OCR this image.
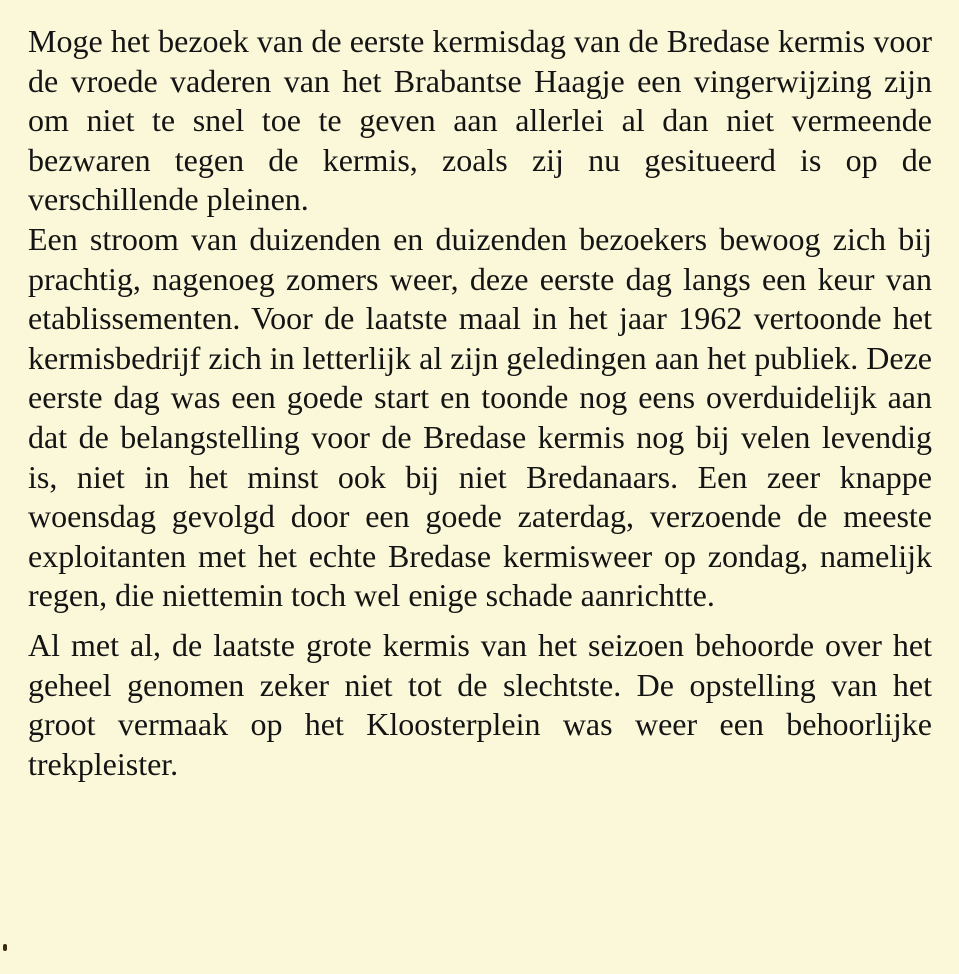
Moge het bezoek van de eerste kermisdag van de Bredase kermis voor de vroede vaderen van het Brabantse Haagje een vingerwijzing zijn om niet te snel toe te geven aan allerlei al dan niet vermeende bezwaren tegen de kermis, zoals zij nu gesitueerd is op de verschillende pleinen.

Een stroom van duizenden en duizenden bezoekers bewoog zich bij prachtig, nagenoeg zomers weer, deze eerste dag langs een keur van etablissementen. Voor de laatste maal in het jaar 1962 vertoonde het kermisbedrijf zich in letterlijk al zijn geledingen aan het publiek. Deze eerste dag was een goede start en toonde nog eens overduidelijk aan dat de belangstelling voor de Bredase kermis nog bij velen levendig is, niet in het minst ook bij niet Bredanaars. Een zeer knappe woensdag gevolgd door een goede zaterdag, verzoende de meeste exploitanten met het echte Bredase kermisweer op zondag, namelijk regen, die niettemin toch wel enige schade aanrichtte.

Al met al, de laatste grote kermis van het seizoen behoorde over het geheel genomen zeker niet tot de slechtste. De opstelling van het groot vermaak op het Kloosterplein was weer een behoorlijke trekpleister.
